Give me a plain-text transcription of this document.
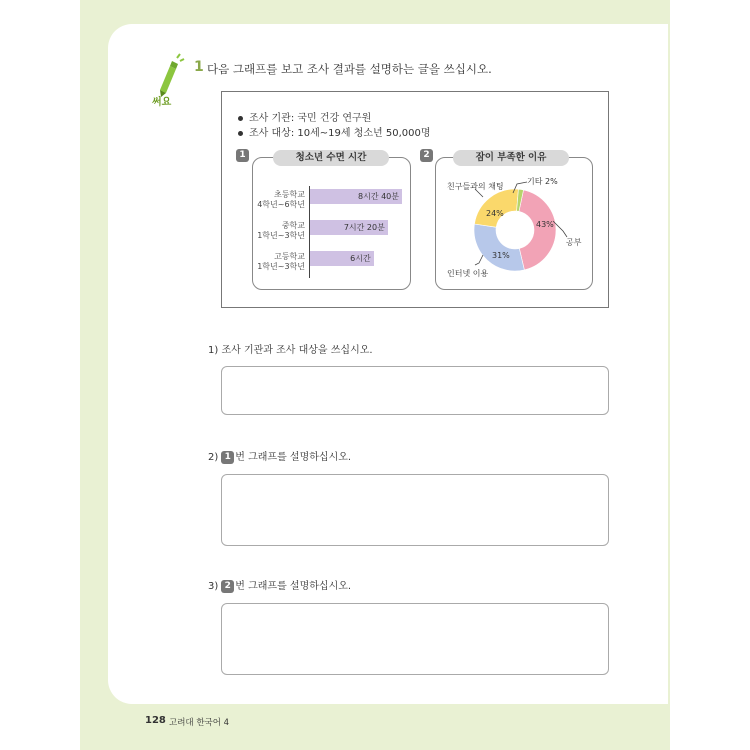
써요
1 다음 그래프를 보고 조사 결과를 설명하는 글을 쓰십시오.
조사 기관: 국민 건강 연구원
조사 대상: 10세~19세 청소년 50,000명
1	청소년 수면 시간
초등학교
4학년~6학년
중학교
1학년~3학년
고등학교
1학년~3학년
8시간 40분
7시간 20분
6시간
2	잠이 부족한 이유
친구들과의 채팅
기타 2%
공부
인터넷 이용
43%
31%
24%
1) 조사 기관과 조사 대상을 쓰십시오.
2) 1 번 그래프를 설명하십시오.
3) 2 번 그래프를 설명하십시오.
128 고려대 한국어 4
